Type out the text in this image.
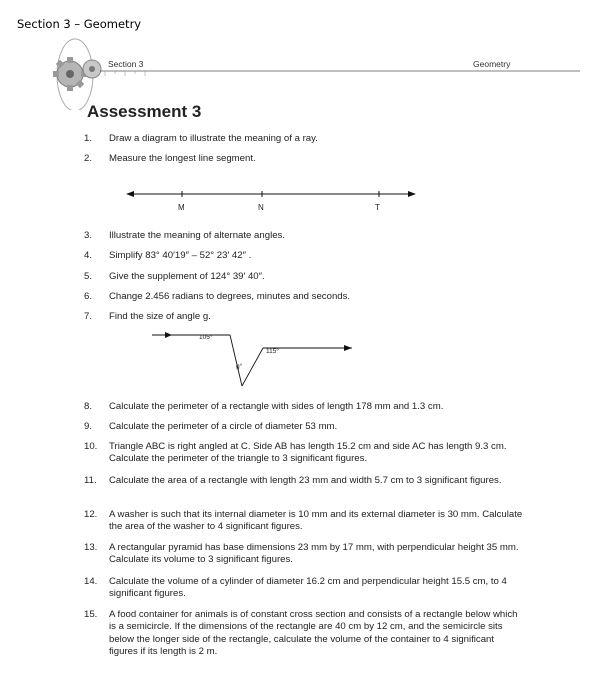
Section 3 – Geometry
Section 3	Geometry
Assessment 3
1.	Draw a diagram to illustrate the meaning of a ray.
2.	Measure the longest line segment.
M	N	T
3.	Illustrate the meaning of alternate angles.
4.	Simplify 83° 40′19″ – 52° 23′ 42″ .
5.	Give the supplement of 124° 39′ 40″.
6.	Change 2.456 radians to degrees, minutes and seconds.
7.	Find the size of angle g.
105°
115°
g°
8.	Calculate the perimeter of a rectangle with sides of length 178 mm and 1.3 cm.
9.	Calculate the perimeter of a circle of diameter 53 mm.
10.	Triangle ABC is right angled at C. Side AB has length 15.2 cm and side AC has length 9.3 cm. Calculate the perimeter of the triangle to 3 significant figures.
11.	Calculate the area of a rectangle with length 23 mm and width 5.7 cm to 3 significant figures.
12.	A washer is such that its internal diameter is 10 mm and its external diameter is 30 mm. Calculate the area of the washer to 4 significant figures.
13.	A rectangular pyramid has base dimensions 23 mm by 17 mm, with perpendicular height 35 mm. Calculate its volume to 3 significant figures.
14.	Calculate the volume of a cylinder of diameter 16.2 cm and perpendicular height 15.5 cm, to 4 significant figures.
15.	A food container for animals is of constant cross section and consists of a rectangle below which is a semicircle. If the dimensions of the rectangle are 40 cm by 12 cm, and the semicircle sits below the longer side of the rectangle, calculate the volume of the container to 4 significant figures if its length is 2 m.
